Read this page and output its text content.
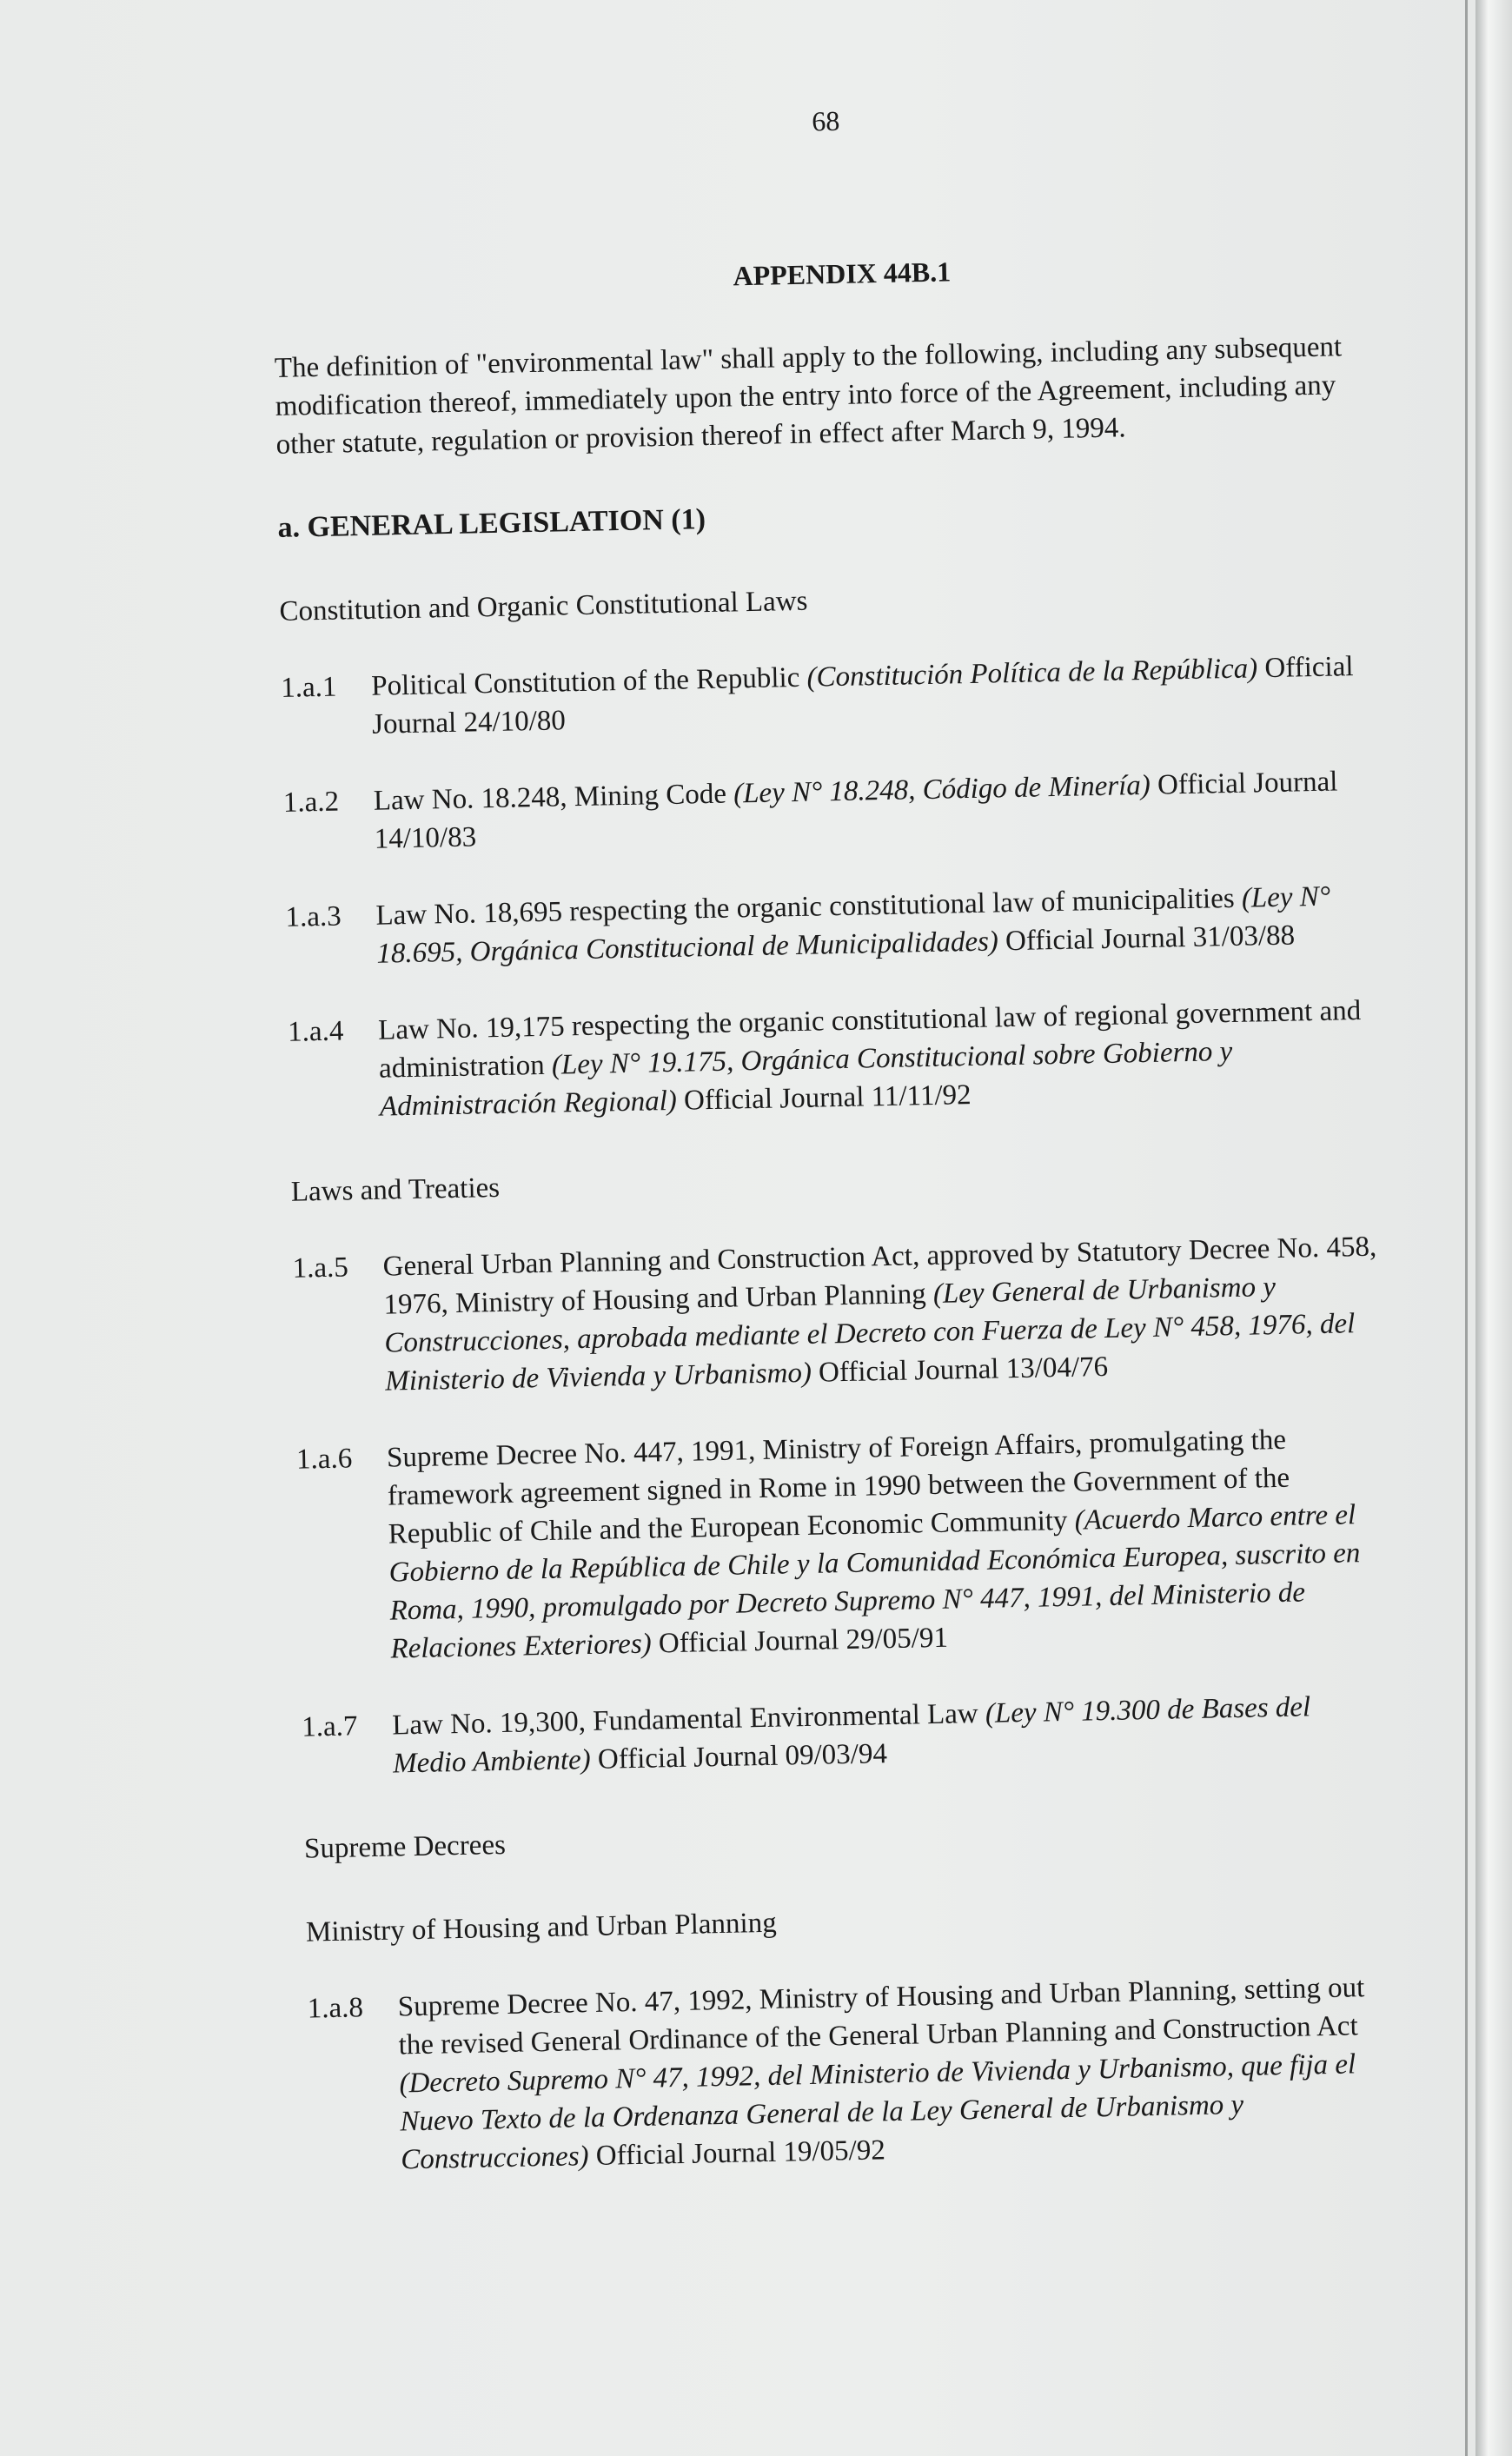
68
APPENDIX 44B.1
The definition of "environmental law" shall apply to the following, including any subsequent modification thereof, immediately upon the entry into force of the Agreement, including any other statute, regulation or provision thereof in effect after March 9, 1994.
a. GENERAL LEGISLATION (1)
Constitution and Organic Constitutional Laws
1.a.1	Political Constitution of the Republic (Constitución Política de la República) Official Journal 24/10/80
1.a.2	Law No. 18.248, Mining Code (Ley N° 18.248, Código de Minería) Official Journal 14/10/83
1.a.3	Law No. 18,695 respecting the organic constitutional law of municipalities (Ley N° 18.695, Orgánica Constitucional de Municipalidades) Official Journal 31/03/88
1.a.4	Law No. 19,175 respecting the organic constitutional law of regional government and administration (Ley N° 19.175, Orgánica Constitucional sobre Gobierno y Administración Regional) Official Journal 11/11/92
Laws and Treaties
1.a.5	General Urban Planning and Construction Act, approved by Statutory Decree No. 458, 1976, Ministry of Housing and Urban Planning (Ley General de Urbanismo y Construcciones, aprobada mediante el Decreto con Fuerza de Ley N° 458, 1976, del Ministerio de Vivienda y Urbanismo) Official Journal 13/04/76
1.a.6	Supreme Decree No. 447, 1991, Ministry of Foreign Affairs, promulgating the framework agreement signed in Rome in 1990 between the Government of the Republic of Chile and the European Economic Community (Acuerdo Marco entre el Gobierno de la República de Chile y la Comunidad Económica Europea, suscrito en Roma, 1990, promulgado por Decreto Supremo N° 447, 1991, del Ministerio de Relaciones Exteriores) Official Journal 29/05/91
1.a.7	Law No. 19,300, Fundamental Environmental Law (Ley N° 19.300 de Bases del Medio Ambiente) Official Journal 09/03/94
Supreme Decrees
Ministry of Housing and Urban Planning
1.a.8	Supreme Decree No. 47, 1992, Ministry of Housing and Urban Planning, setting out the revised General Ordinance of the General Urban Planning and Construction Act (Decreto Supremo N° 47, 1992, del Ministerio de Vivienda y Urbanismo, que fija el Nuevo Texto de la Ordenanza General de la Ley General de Urbanismo y Construcciones) Official Journal 19/05/92
